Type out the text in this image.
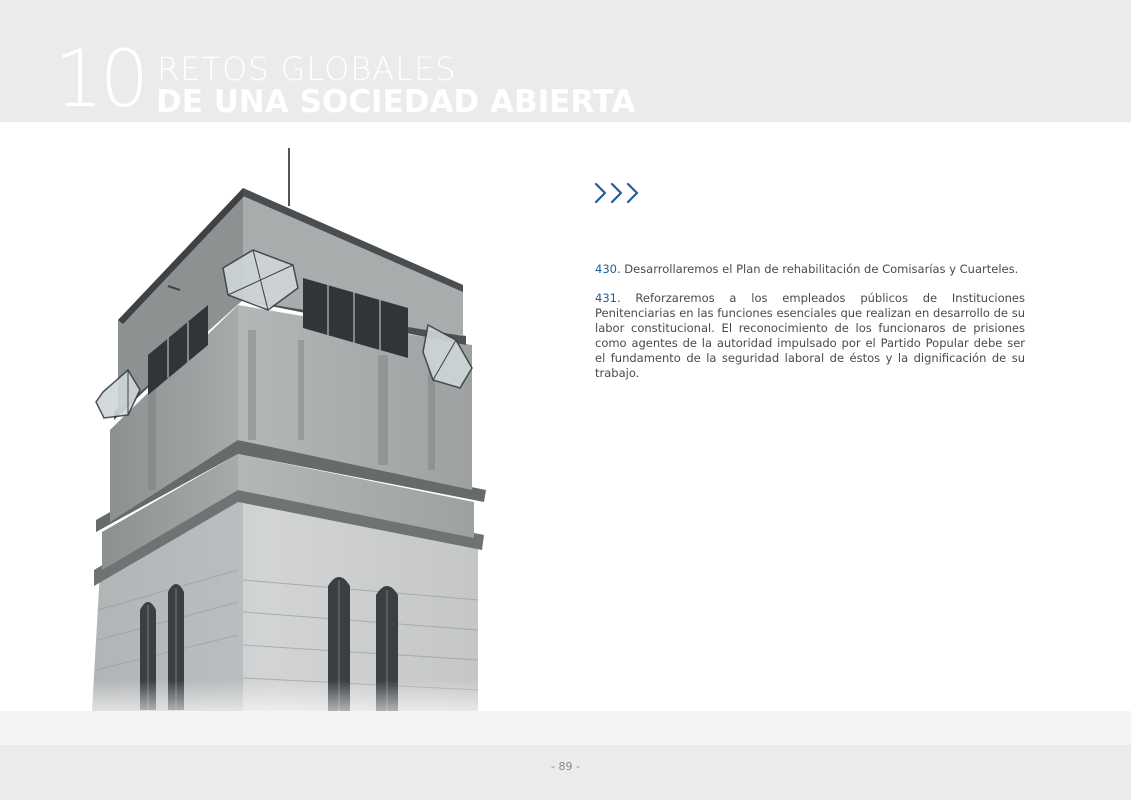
10 RETOS GLOBALES
DE UNA SOCIEDAD ABIERTA

430. Desarrollaremos el Plan de rehabilitación de Comisarías y Cuarteles.

431. Reforzaremos a los empleados públicos de Instituciones Penitenciarias en las funciones esenciales que realizan en desarrollo de su labor constitucional. El reconocimiento de los funcionaros de prisiones como agentes de la autoridad impulsado por el Partido Popular debe ser el fundamento de la seguridad laboral de éstos y la dignificación de su trabajo.

- 89 -
